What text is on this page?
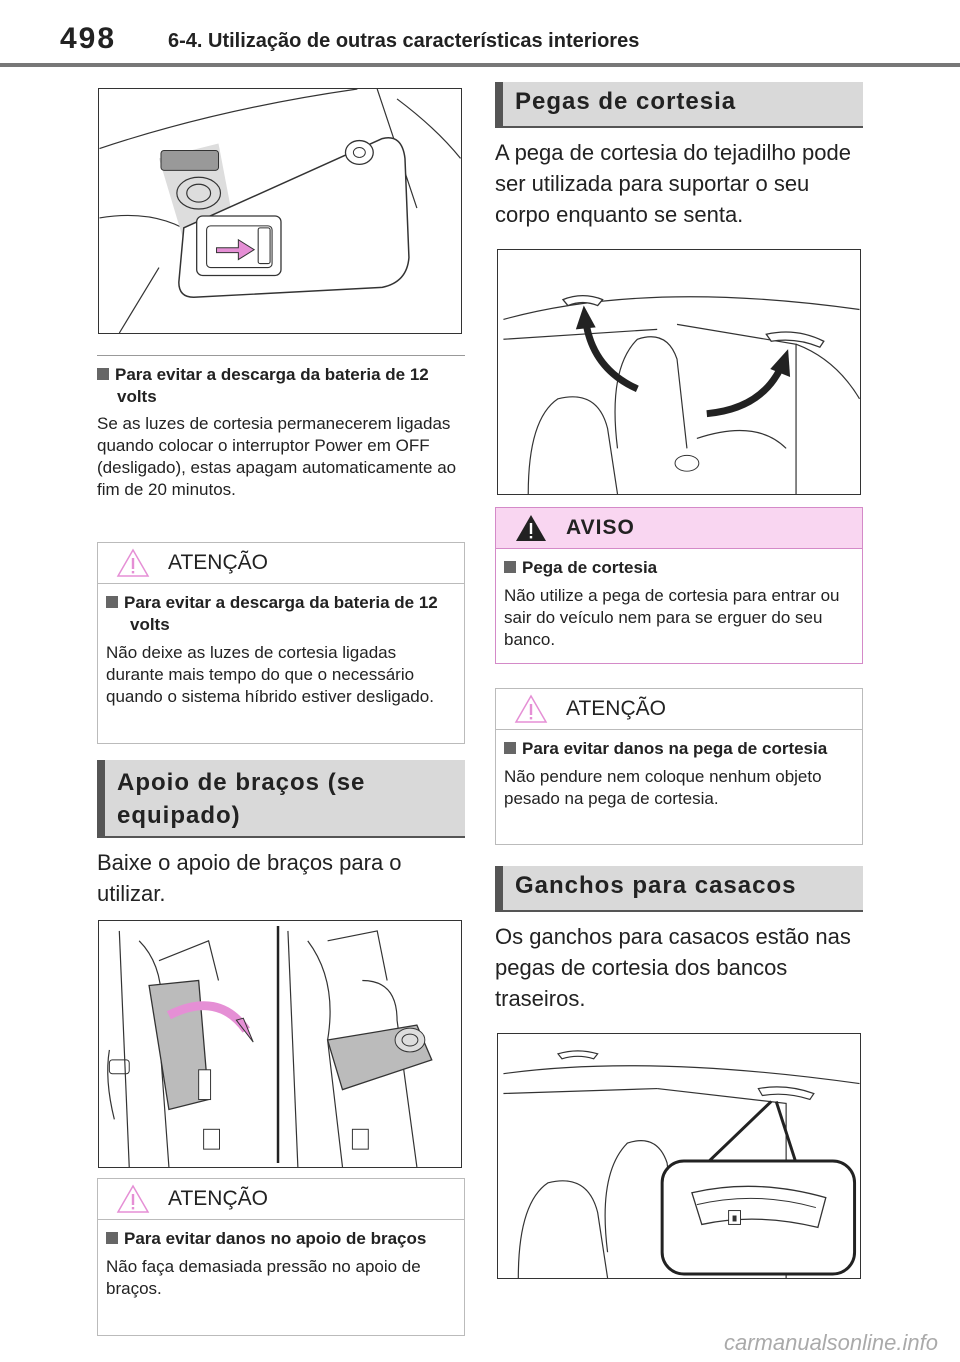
498	6-4. Utilização de outras características interiores
Para evitar a descarga da bateria de 12 volts
Se as luzes de cortesia permanecerem ligadas quando colocar o interruptor Power em OFF (desligado), estas apagam automaticamente ao fim de 20 minutos.
ATENÇÃO
Para evitar a descarga da bateria de 12 volts
Não deixe as luzes de cortesia ligadas durante mais tempo do que o necessário quando o sistema híbrido estiver desligado.
Apoio de braços (se equipado)
Baixe o apoio de braços para o utilizar.
ATENÇÃO
Para evitar danos no apoio de braços
Não faça demasiada pressão no apoio de braços.
Pegas de cortesia
A pega de cortesia do tejadilho pode ser utilizada para suportar o seu corpo enquanto se senta.
AVISO
Pega de cortesia
Não utilize a pega de cortesia para entrar ou sair do veículo nem para se erguer do seu banco.
ATENÇÃO
Para evitar danos na pega de cortesia
Não pendure nem coloque nenhum objeto pesado na pega de cortesia.
Ganchos para casacos
Os ganchos para casacos estão nas pegas de cortesia dos bancos traseiros.
carmanualsonline.info
